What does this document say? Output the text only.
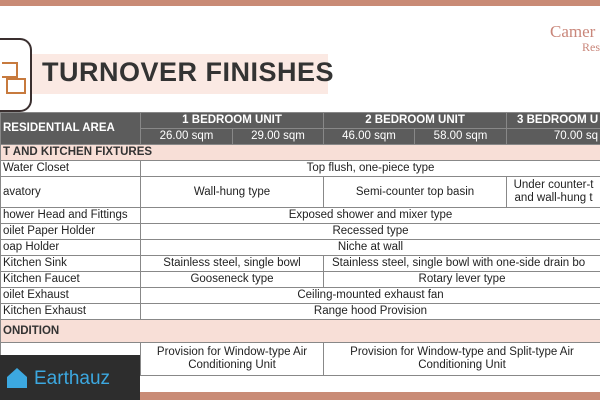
TURNOVER FINISHES
Camer
Res
RESIDENTIAL AREA	1 BEDROOM UNIT		2 BEDROOM UNIT		3 BEDROOM U
	26.00 sqm	29.00 sqm	46.00 sqm	58.00 sqm	70.00 sq
T AND KITCHEN FIXTURES					
Water Closet	Top flush, one-piece type				
avatory	Wall-hung type		Semi-counter top basin		Under counter-t and wall-hung t
hower Head and Fittings	Exposed shower and mixer type				
oilet Paper Holder	Recessed type				
oap Holder	Niche at wall				
Kitchen Sink	Stainless steel, single bowl		Stainless steel, single bowl with one-side drain bo		
Kitchen Faucet	Gooseneck type		Rotary lever type		
oilet Exhaust	Ceiling-mounted exhaust fan				
Kitchen Exhaust	Range hood Provision				
ONDITION					
	Provision for Window-type Air Conditioning Unit		Provision for Window-type and Split-type Air Conditioning Unit		
Earthauz
